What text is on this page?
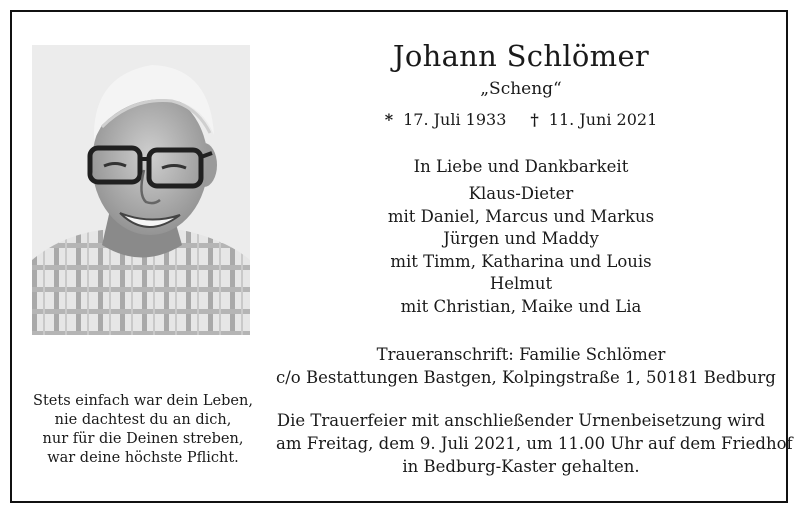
Stets einfach war dein Leben,
nie dachtest du an dich,
nur für die Deinen streben,
war deine höchste Pflicht.
Johann Schlömer
„Scheng“
* 17. Juli 1933 † 11. Juni 2021
In Liebe und Dankbarkeit
Klaus-Dieter
mit Daniel, Marcus und Markus
Jürgen und Maddy
mit Timm, Katharina und Louis
Helmut
mit Christian, Maike und Lia
Traueranschrift: Familie Schlömer
c/o Bestattungen Bastgen, Kolpingstraße 1, 50181 Bedburg
Die Trauerfeier mit anschließender Urnenbeisetzung wird
am Freitag, dem 9. Juli 2021, um 11.00 Uhr auf dem Friedhof
in Bedburg-Kaster gehalten.
